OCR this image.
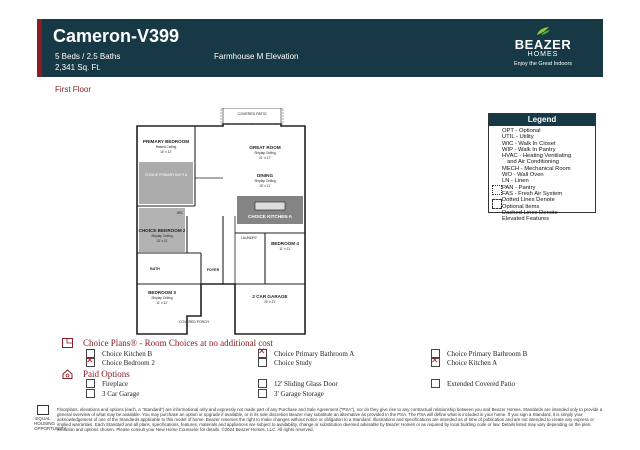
Cameron-V399
5 Beds / 2.5 Baths
2,341 Sq. Ft.
Farmhouse M Elevation
BEAZER
HOMES
Enjoy the Great Indoors
First Floor
COVERED PATIO
GREAT ROOM
Shiplap Ceiling
21' x 17'
PRIMARY BEDROOM
Raised Ceiling
15' x 12'
CHOICE PRIMARY BATH A	DINING
Shiplap Ceiling
15' x 11'
CHOICE KITCHEN A
CHOICE BEDROOM 2
Shiplap Ceiling
13' x 11'
LAUNDRY
BEDROOM 4
11' x 11'
BATH	FOYER
2 CAR GARAGE
20' x 21'
BEDROOM 3
Shiplap Ceiling
11' x 12'
COVERED PORCH
WIC
Legend
OPT - Optional
UTIL - Utility
WIC - Walk In Closet
WIP - Walk In Pantry
HVAC - Heating Ventilating
and Air Conditioning
MECH - Mechanical Room
WO - Wall Oven
LN - Linen
PAN - Pantry
FAS - Fresh Air System
Dotted Lines Denote
Optional Items
Dashed Lines Denote
Elevated Features
Choice Plans® - Room Choices at no additional cost
Choice Kitchen B ✕	Choice Primary Bathroom A	Choice Primary Bathroom B
✕
Choice Bedroom 2	Choice Study ✕	Choice Kitchen A
Paid Options
Fireplace	12' Sliding Glass Door	Extended Covered Patio
3 Car Garage	3' Garage Storage
EQUAL HOUSING
OPPORTUNITY
Floorplans, elevations and options (each, a "Standard") are informational only and expressly not made part of any Purchase and Sale Agreement ("PSA"), nor do they give rise to any contractual relationship between you and Beazer Homes. Standards are intended only to provide a general overview of what may be available. You may purchase an option or upgrade if available, or in its sole discretion Beazer may substitute an alternative as provided in the PSA. The PSA will define what is included in your home. If you sign a Standard, it is simply your acknowledgement of one of the Standards applicable to this model of home. Beazer reserves the right to make changes without notice or obligation to a Standard. Illustrations and specifications are intended as of time of publication and are not intended to create any express or implied warranties. Each Standard and all plans, specifications, features, materials and appliances are subject to availability, change or substitution deemed advisable by Beazer Homes or as required by local building code or law. Details listed may vary depending on the plan, elevation and options chosen. Please consult your New Home Counselor for details. ©2024 Beazer Homes, LLC. All rights reserved.
